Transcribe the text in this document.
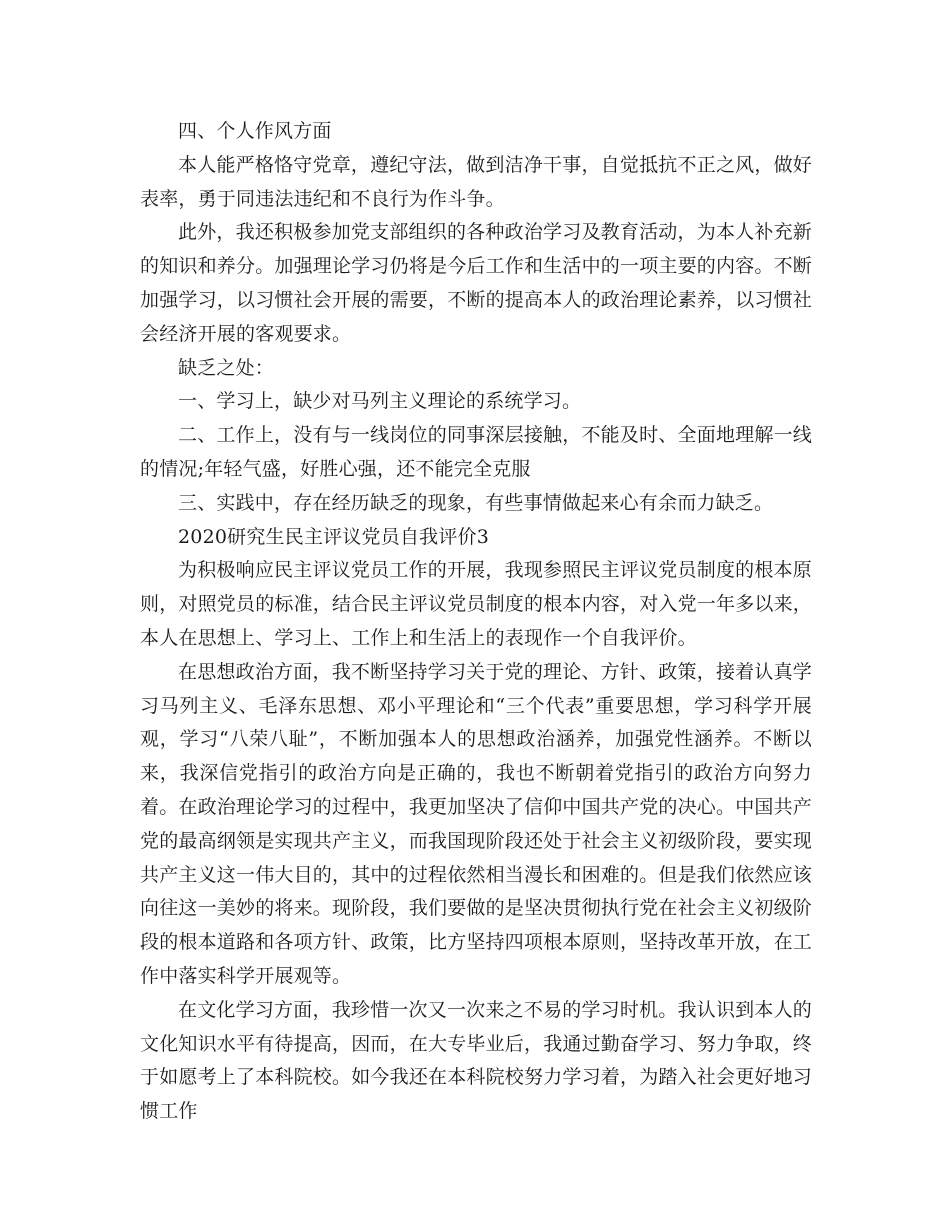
四、个人作风方面

本人能严格恪守党章，遵纪守法，做到洁净干事，自觉抵抗不正之风，做好表率，勇于同违法违纪和不良行为作斗争。

此外，我还积极参加党支部组织的各种政治学习及教育活动，为本人补充新的知识和养分。加强理论学习仍将是今后工作和生活中的一项主要的内容。不断加强学习，以习惯社会开展的需要，不断的提高本人的政治理论素养，以习惯社会经济开展的客观要求。

缺乏之处：

一、学习上，缺少对马列主义理论的系统学习。

二、工作上，没有与一线岗位的同事深层接触，不能及时、全面地理解一线的情况;年轻气盛，好胜心强，还不能完全克服

三、实践中，存在经历缺乏的现象，有些事情做起来心有余而力缺乏。

2020研究生民主评议党员自我评价3

为积极响应民主评议党员工作的开展，我现参照民主评议党员制度的根本原则，对照党员的标准，结合民主评议党员制度的根本内容，对入党一年多以来，本人在思想上、学习上、工作上和生活上的表现作一个自我评价。

在思想政治方面，我不断坚持学习关于党的理论、方针、政策，接着认真学习马列主义、毛泽东思想、邓小平理论和“三个代表”重要思想，学习科学开展观，学习“八荣八耻”，不断加强本人的思想政治涵养，加强党性涵养。不断以来，我深信党指引的政治方向是正确的，我也不断朝着党指引的政治方向努力着。在政治理论学习的过程中，我更加坚决了信仰中国共产党的决心。中国共产党的最高纲领是实现共产主义，而我国现阶段还处于社会主义初级阶段，要实现共产主义这一伟大目的，其中的过程依然相当漫长和困难的。但是我们依然应该向往这一美妙的将来。现阶段，我们要做的是坚决贯彻执行党在社会主义初级阶段的根本道路和各项方针、政策，比方坚持四项根本原则，坚持改革开放，在工作中落实科学开展观等。

在文化学习方面，我珍惜一次又一次来之不易的学习时机。我认识到本人的文化知识水平有待提高，因而，在大专毕业后，我通过勤奋学习、努力争取，终于如愿考上了本科院校。如今我还在本科院校努力学习着，为踏入社会更好地习惯工作
